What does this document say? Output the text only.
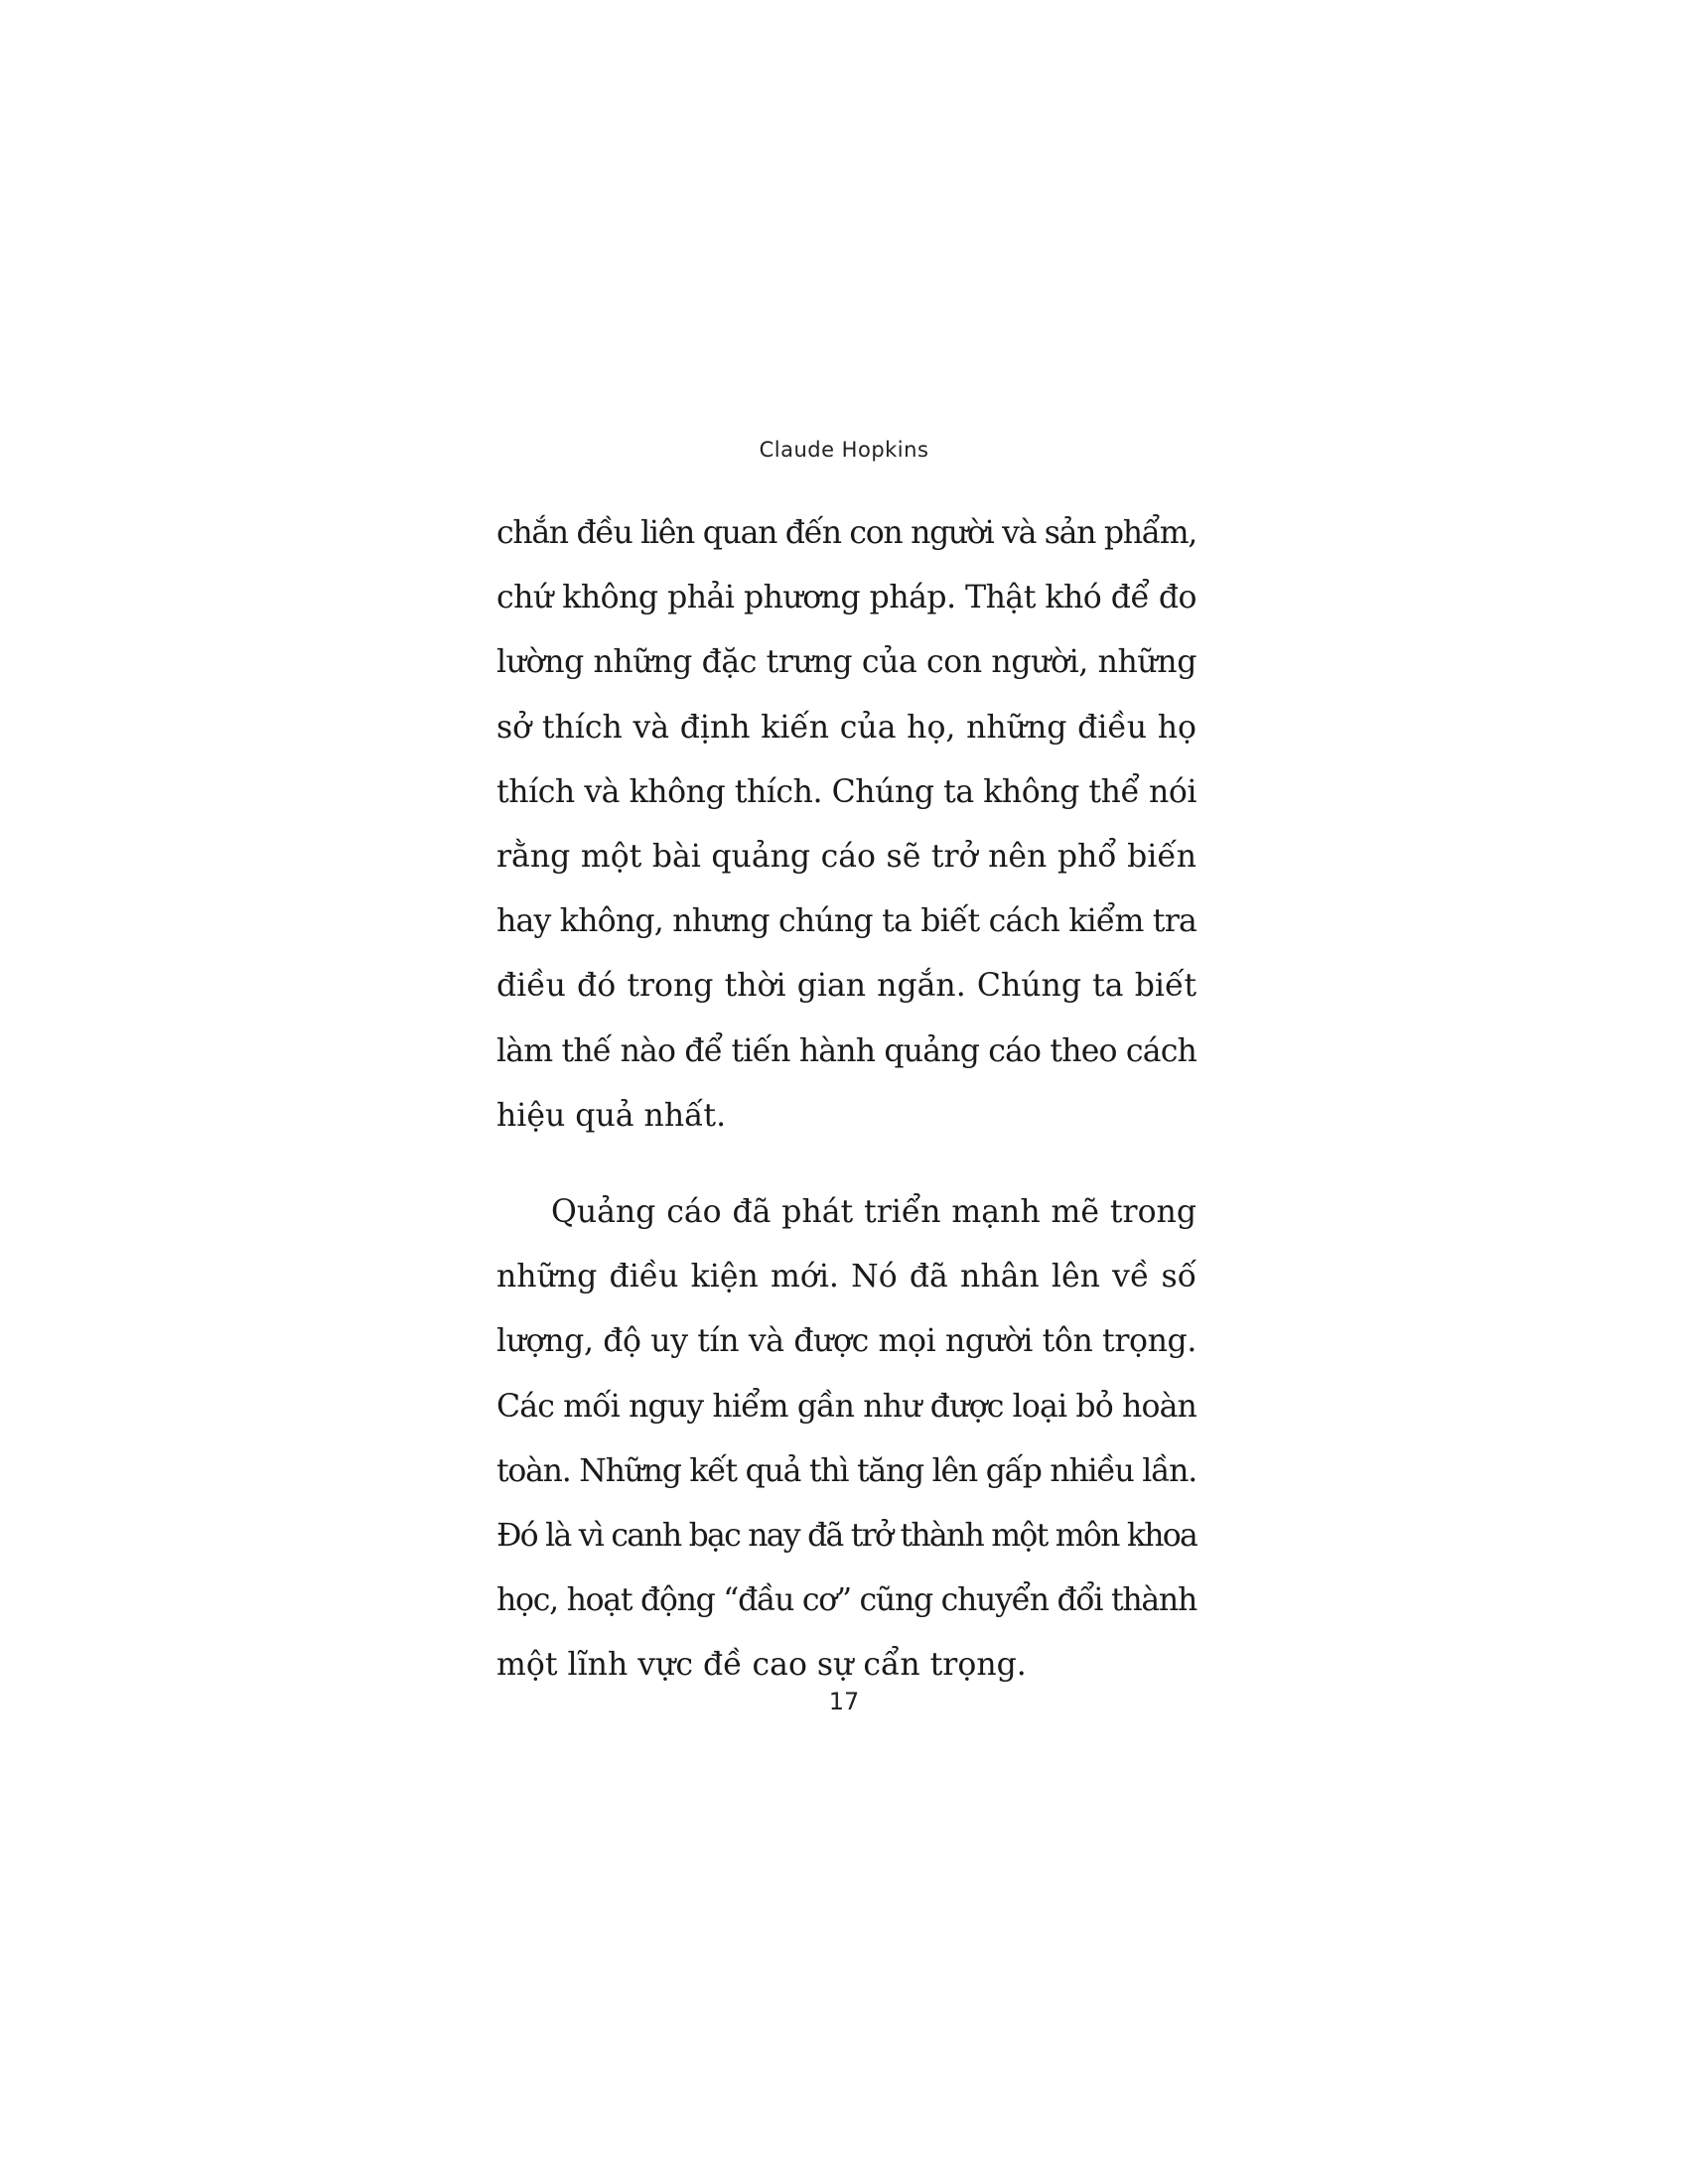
Claude Hopkins

chắn đều liên quan đến con người và sản phẩm,
chứ không phải phương pháp. Thật khó để đo
lường những đặc trưng của con người, những
sở thích và định kiến của họ, những điều họ
thích và không thích. Chúng ta không thể nói
rằng một bài quảng cáo sẽ trở nên phổ biến
hay không, nhưng chúng ta biết cách kiểm tra
điều đó trong thời gian ngắn. Chúng ta biết
làm thế nào để tiến hành quảng cáo theo cách
hiệu quả nhất.

Quảng cáo đã phát triển mạnh mẽ trong
những điều kiện mới. Nó đã nhân lên về số
lượng, độ uy tín và được mọi người tôn trọng.
Các mối nguy hiểm gần như được loại bỏ hoàn
toàn. Những kết quả thì tăng lên gấp nhiều lần.
Đó là vì canh bạc nay đã trở thành một môn khoa
học, hoạt động “đầu cơ” cũng chuyển đổi thành
một lĩnh vực đề cao sự cẩn trọng.

17
